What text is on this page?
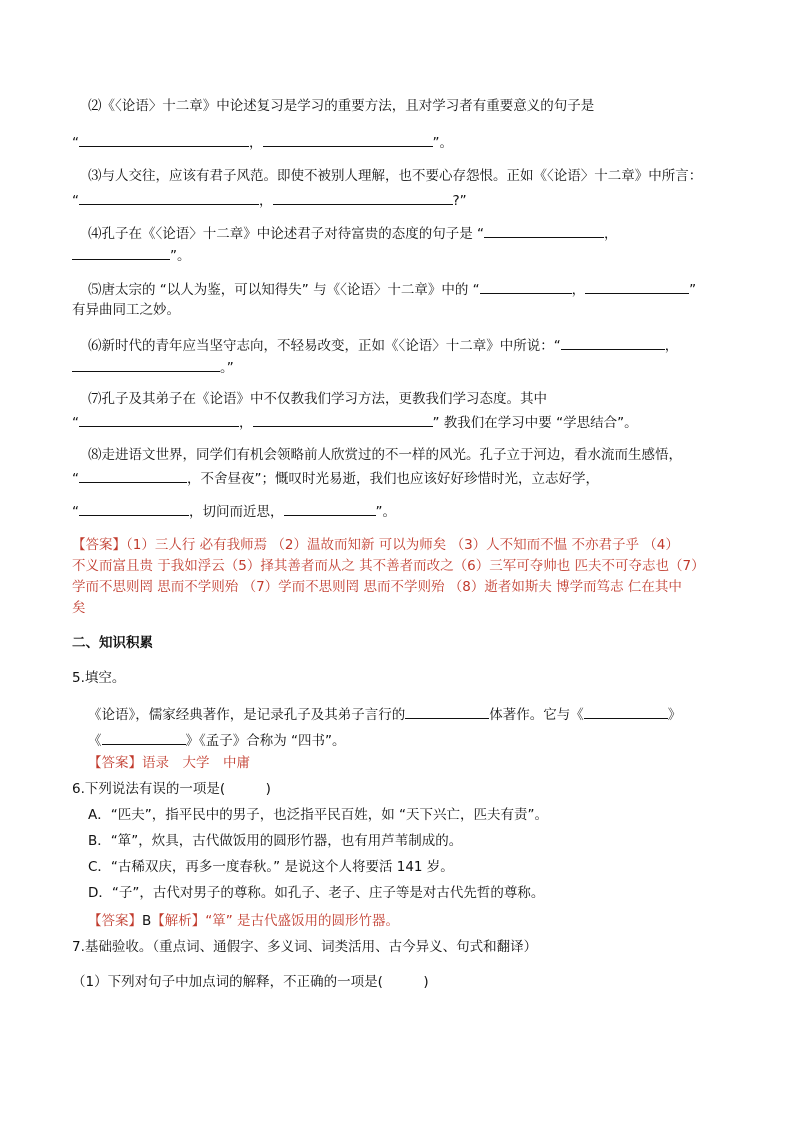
⑵《〈论语〉十二章》中论述复习是学习的重要方法，且对学习者有重要意义的句子是
“	，	”。
⑶与人交往，应该有君子风范。即使不被别人理解，也不要心存怨恨。正如《〈论语〉十二章》中所言：
“	，	?”
⑷孔子在《〈论语〉十二章》中论述君子对待富贵的态度的句子是 “	，
”。
⑸唐太宗的 “以人为鉴，可以知得失” 与《〈论语〉十二章》中的 “	，	”
有异曲同工之妙。
⑹新时代的青年应当坚守志向，不轻易改变，正如《〈论语〉十二章》中所说：“	，
。”
⑺孔子及其弟子在《论语》中不仅教我们学习方法，更教我们学习态度。其中
“	，	” 教我们在学习中要 “学思结合”。
⑻走进语文世界，同学们有机会领略前人欣赏过的不一样的风光。孔子立于河边，看水流而生感悟，
“	，不舍昼夜”；慨叹时光易逝，我们也应该好好珍惜时光，立志好学，
“	，切问而近思，	”。
【答案】（1）三人行 必有我师焉 （2）温故而知新 可以为师矣 （3）人不知而不愠 不亦君子乎 （4）
不义而富且贵 于我如浮云（5）择其善者而从之 其不善者而改之（6）三军可夺帅也 匹夫不可夺志也（7）
学而不思则罔 思而不学则殆 （7）学而不思则罔 思而不学则殆 （8）逝者如斯夫 博学而笃志 仁在其中
矣
二、知识积累
5.填空。
《论语》，儒家经典著作，是记录孔子及其弟子言行的	体著作。它与《	》
《	》《孟子》合称为 “四书”。
【答案】语录　大学　中庸
6.下列说法有误的一项是(　　　)
A．“匹夫”，指平民中的男子，也泛指平民百姓，如 “天下兴亡，匹夫有责”。
B．“箪”，炊具，古代做饭用的圆形竹器，也有用芦苇制成的。
C．“古稀双庆，再多一度春秋。” 是说这个人将要活 141 岁。
D．“子”，古代对男子的尊称。如孔子、老子、庄子等是对古代先哲的尊称。
【答案】B【解析】“箪” 是古代盛饭用的圆形竹器。
7.基础验收。（重点词、通假字、多义词、词类活用、古今异义、句式和翻译）
（1）下列对句子中加点词的解释，不正确的一项是(　　　)
